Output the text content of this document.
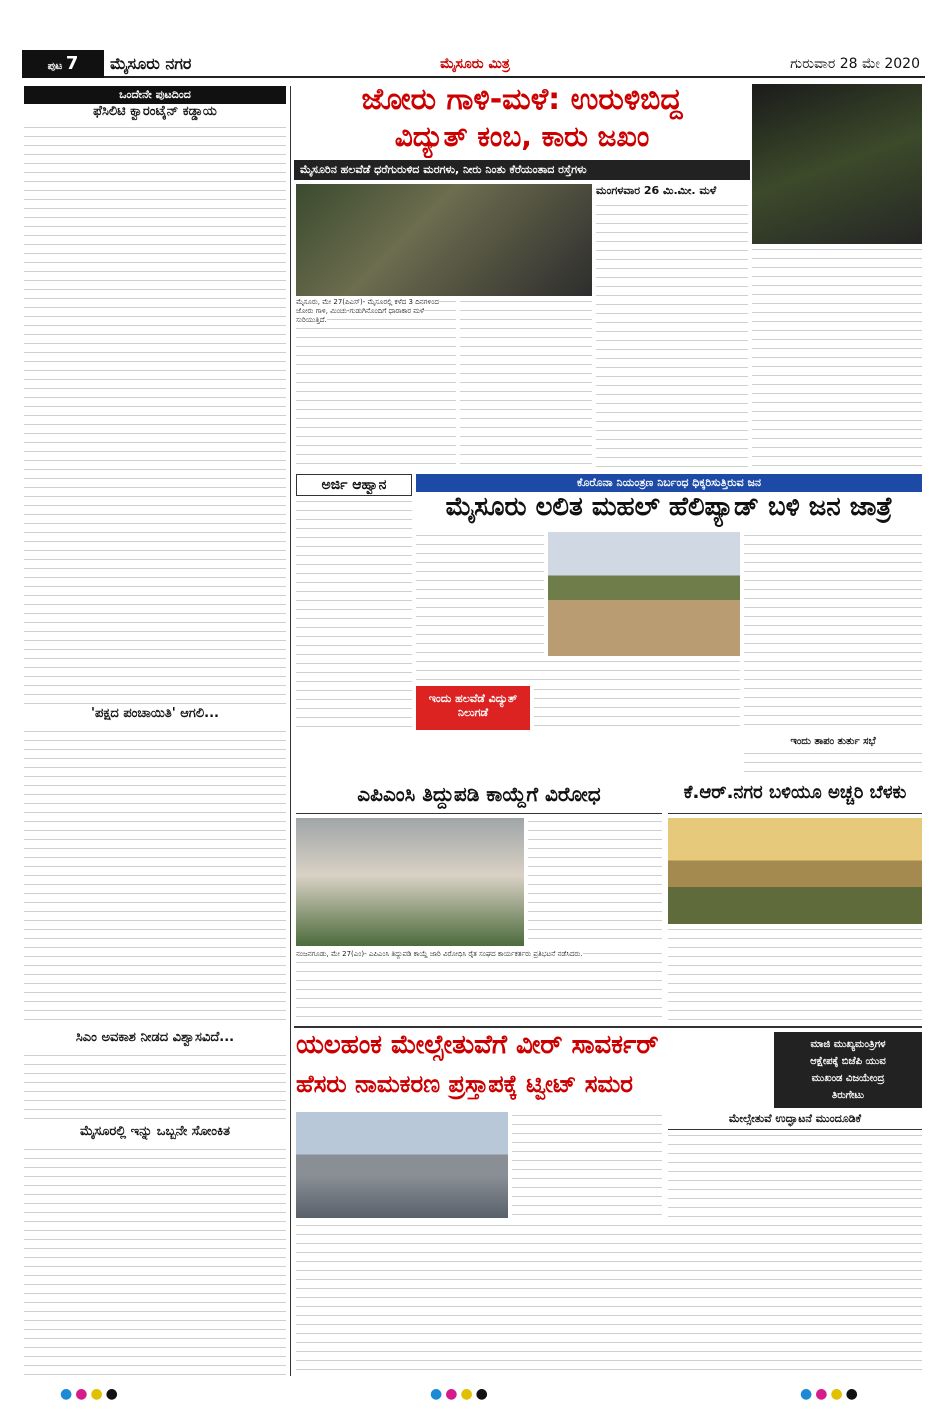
ಪುಟ 7	ಮೈಸೂರು ನಗರ	ಮೈಸೂರು ಮಿತ್ರ	ಗುರುವಾರ 28 ಮೇ 2020
ಒಂದೇನೇ ಪುಟದಿಂದ
ಫೆಸಿಲಿಟಿ ಕ್ವಾರಂಟೈನ್ ಕಡ್ಡಾಯ
'ಪಕ್ಷದ ಪಂಚಾಯಿತಿ' ಆಗಲಿ...
ಸಿಎಂ ಅವಕಾಶ ನೀಡದ ವಿಶ್ವಾಸವಿದೆ...
ಮೈಸೂರಲ್ಲಿ ಇನ್ನು ಒಬ್ಬನೇ ಸೋಂಕಿತ
ಜೋರು ಗಾಳಿ-ಮಳೆ: ಉರುಳಿಬಿದ್ದ
ವಿದ್ಯುತ್ ಕಂಬ, ಕಾರು ಜಖಂ
ಮೈಸೂರಿನ ಹಲವೆಡೆ ಧರೆಗುರುಳಿದ ಮರಗಳು, ನೀರು ನಿಂತು ಕೆರೆಯಂತಾದ ರಸ್ತೆಗಳು
ಮೈಸೂರು, ಮೇ 27(ಪಿಎಸ್)- ಮೈಸೂರಲ್ಲಿ ಕಳೆದ 3 ದಿನಗಳಿಂದ ಜೋರು ಗಾಳಿ, ಮಿಂಚು-ಗುಡುಗಿನೊಂದಿಗೆ ಧಾರಾಕಾರ ಮಳೆ ಸುರಿಯುತ್ತಿದೆ.
ಮಂಗಳವಾರ 26 ಮಿ.ಮೀ. ಮಳೆ
ಅರ್ಜಿ ಆಹ್ವಾನ	ಕೊರೊನಾ ನಿಯಂತ್ರಣ ನಿರ್ಬಂಧ ಧಿಕ್ಕರಿಸುತ್ತಿರುವ ಜನ
ಮೈಸೂರು ಲಲಿತ ಮಹಲ್ ಹೆಲಿಪ್ಯಾಡ್ ಬಳಿ ಜನ ಜಾತ್ರೆ
ಇಂದು ಹಲವೆಡೆ ವಿದ್ಯುತ್ ನಿಲುಗಡೆ
ಇಂದು ತಾಪಂ ತುರ್ತು ಸಭೆ
ಎಪಿಎಂಸಿ ತಿದ್ದುಪಡಿ ಕಾಯ್ದೆಗೆ ವಿರೋಧ
ನಂಜನಗೂಡು, ಮೇ 27(ಎಂ)- ಎಪಿಎಂಸಿ ತಿದ್ದುಪಡಿ ಕಾಯ್ದೆ ಜಾರಿ ವಿರೋಧಿಸಿ ರೈತ ಸಂಘದ ಕಾರ್ಯಕರ್ತರು ಪ್ರತಿಭಟನೆ ನಡೆಸಿದರು.
ಕೆ.ಆರ್.ನಗರ ಬಳಿಯೂ ಅಚ್ಚರಿ ಬೆಳಕು
ಯಲಹಂಕ ಮೇಲ್ಸೇತುವೆಗೆ ವೀರ್ ಸಾವರ್ಕರ್
ಹೆಸರು ನಾಮಕರಣ ಪ್ರಸ್ತಾಪಕ್ಕೆ ಟ್ವೀಟ್ ಸಮರ
ಮಾಜಿ ಮುಖ್ಯಮಂತ್ರಿಗಳ
ಆಕ್ಷೇಪಕ್ಕೆ ಬಿಜೆಪಿ ಯುವ
ಮುಖಂಡ ವಿಜಯೇಂದ್ರ
ತಿರುಗೇಟು
ಮೇಲ್ಸೇತುವೆ ಉದ್ಘಾಟನೆ ಮುಂದೂಡಿಕೆ
●●●●	●●●●	●●●●
